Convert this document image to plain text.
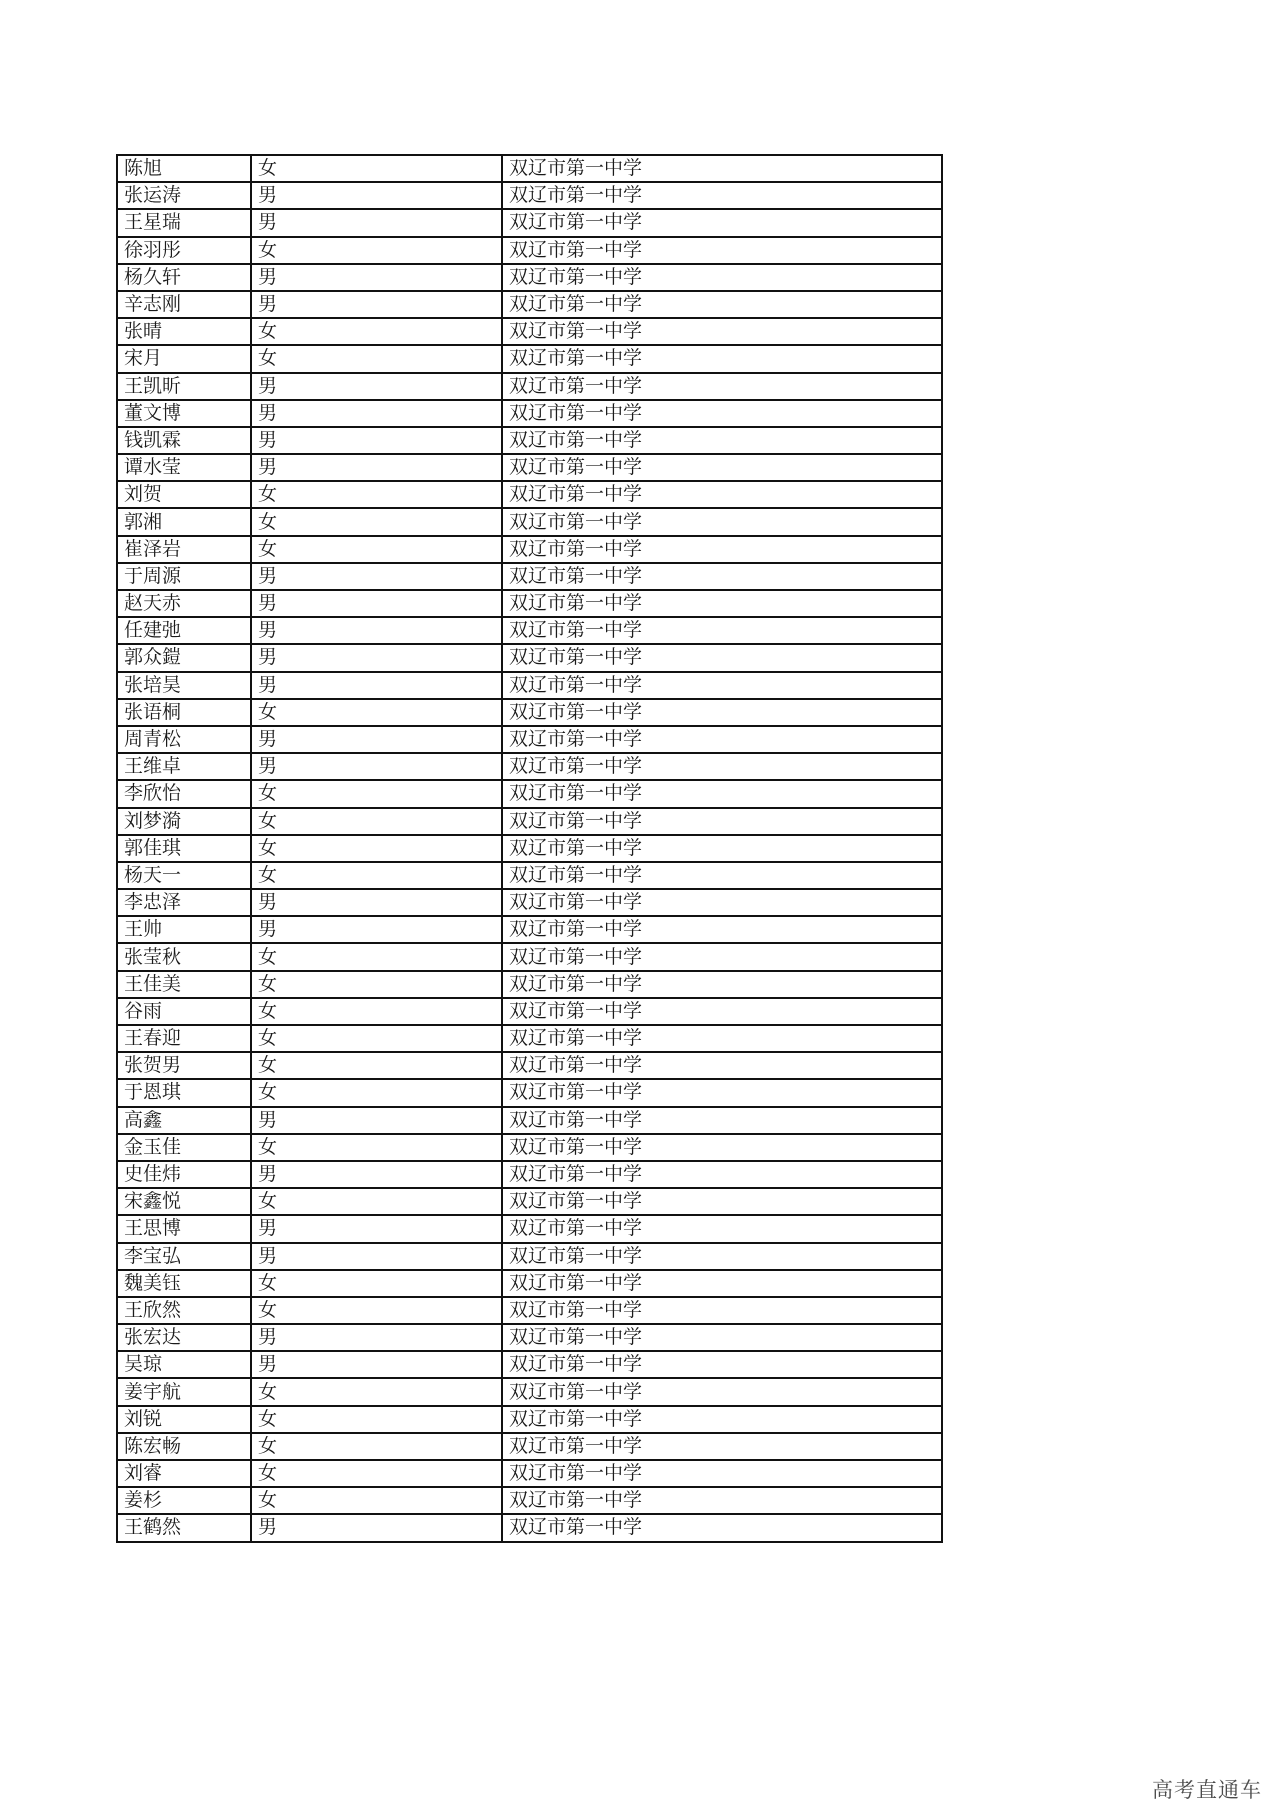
陈旭	女	双辽市第一中学
张运涛	男	双辽市第一中学
王星瑞	男	双辽市第一中学
徐羽彤	女	双辽市第一中学
杨久轩	男	双辽市第一中学
辛志刚	男	双辽市第一中学
张晴	女	双辽市第一中学
宋月	女	双辽市第一中学
王凯昕	男	双辽市第一中学
董文博	男	双辽市第一中学
钱凯霖	男	双辽市第一中学
谭水莹	男	双辽市第一中学
刘贺	女	双辽市第一中学
郭湘	女	双辽市第一中学
崔泽岩	女	双辽市第一中学
于周源	男	双辽市第一中学
赵天赤	男	双辽市第一中学
任建弛	男	双辽市第一中学
郭众鎧	男	双辽市第一中学
张培昊	男	双辽市第一中学
张语桐	女	双辽市第一中学
周青松	男	双辽市第一中学
王维卓	男	双辽市第一中学
李欣怡	女	双辽市第一中学
刘梦漪	女	双辽市第一中学
郭佳琪	女	双辽市第一中学
杨天一	女	双辽市第一中学
李忠泽	男	双辽市第一中学
王帅	男	双辽市第一中学
张莹秋	女	双辽市第一中学
王佳美	女	双辽市第一中学
谷雨	女	双辽市第一中学
王春迎	女	双辽市第一中学
张贺男	女	双辽市第一中学
于恩琪	女	双辽市第一中学
高鑫	男	双辽市第一中学
金玉佳	女	双辽市第一中学
史佳炜	男	双辽市第一中学
宋鑫悦	女	双辽市第一中学
王思博	男	双辽市第一中学
李宝弘	男	双辽市第一中学
魏美钰	女	双辽市第一中学
王欣然	女	双辽市第一中学
张宏达	男	双辽市第一中学
吴琼	男	双辽市第一中学
姜宇航	女	双辽市第一中学
刘锐	女	双辽市第一中学
陈宏畅	女	双辽市第一中学
刘睿	女	双辽市第一中学
姜杉	女	双辽市第一中学
王鹤然	男	双辽市第一中学
高考直通车
